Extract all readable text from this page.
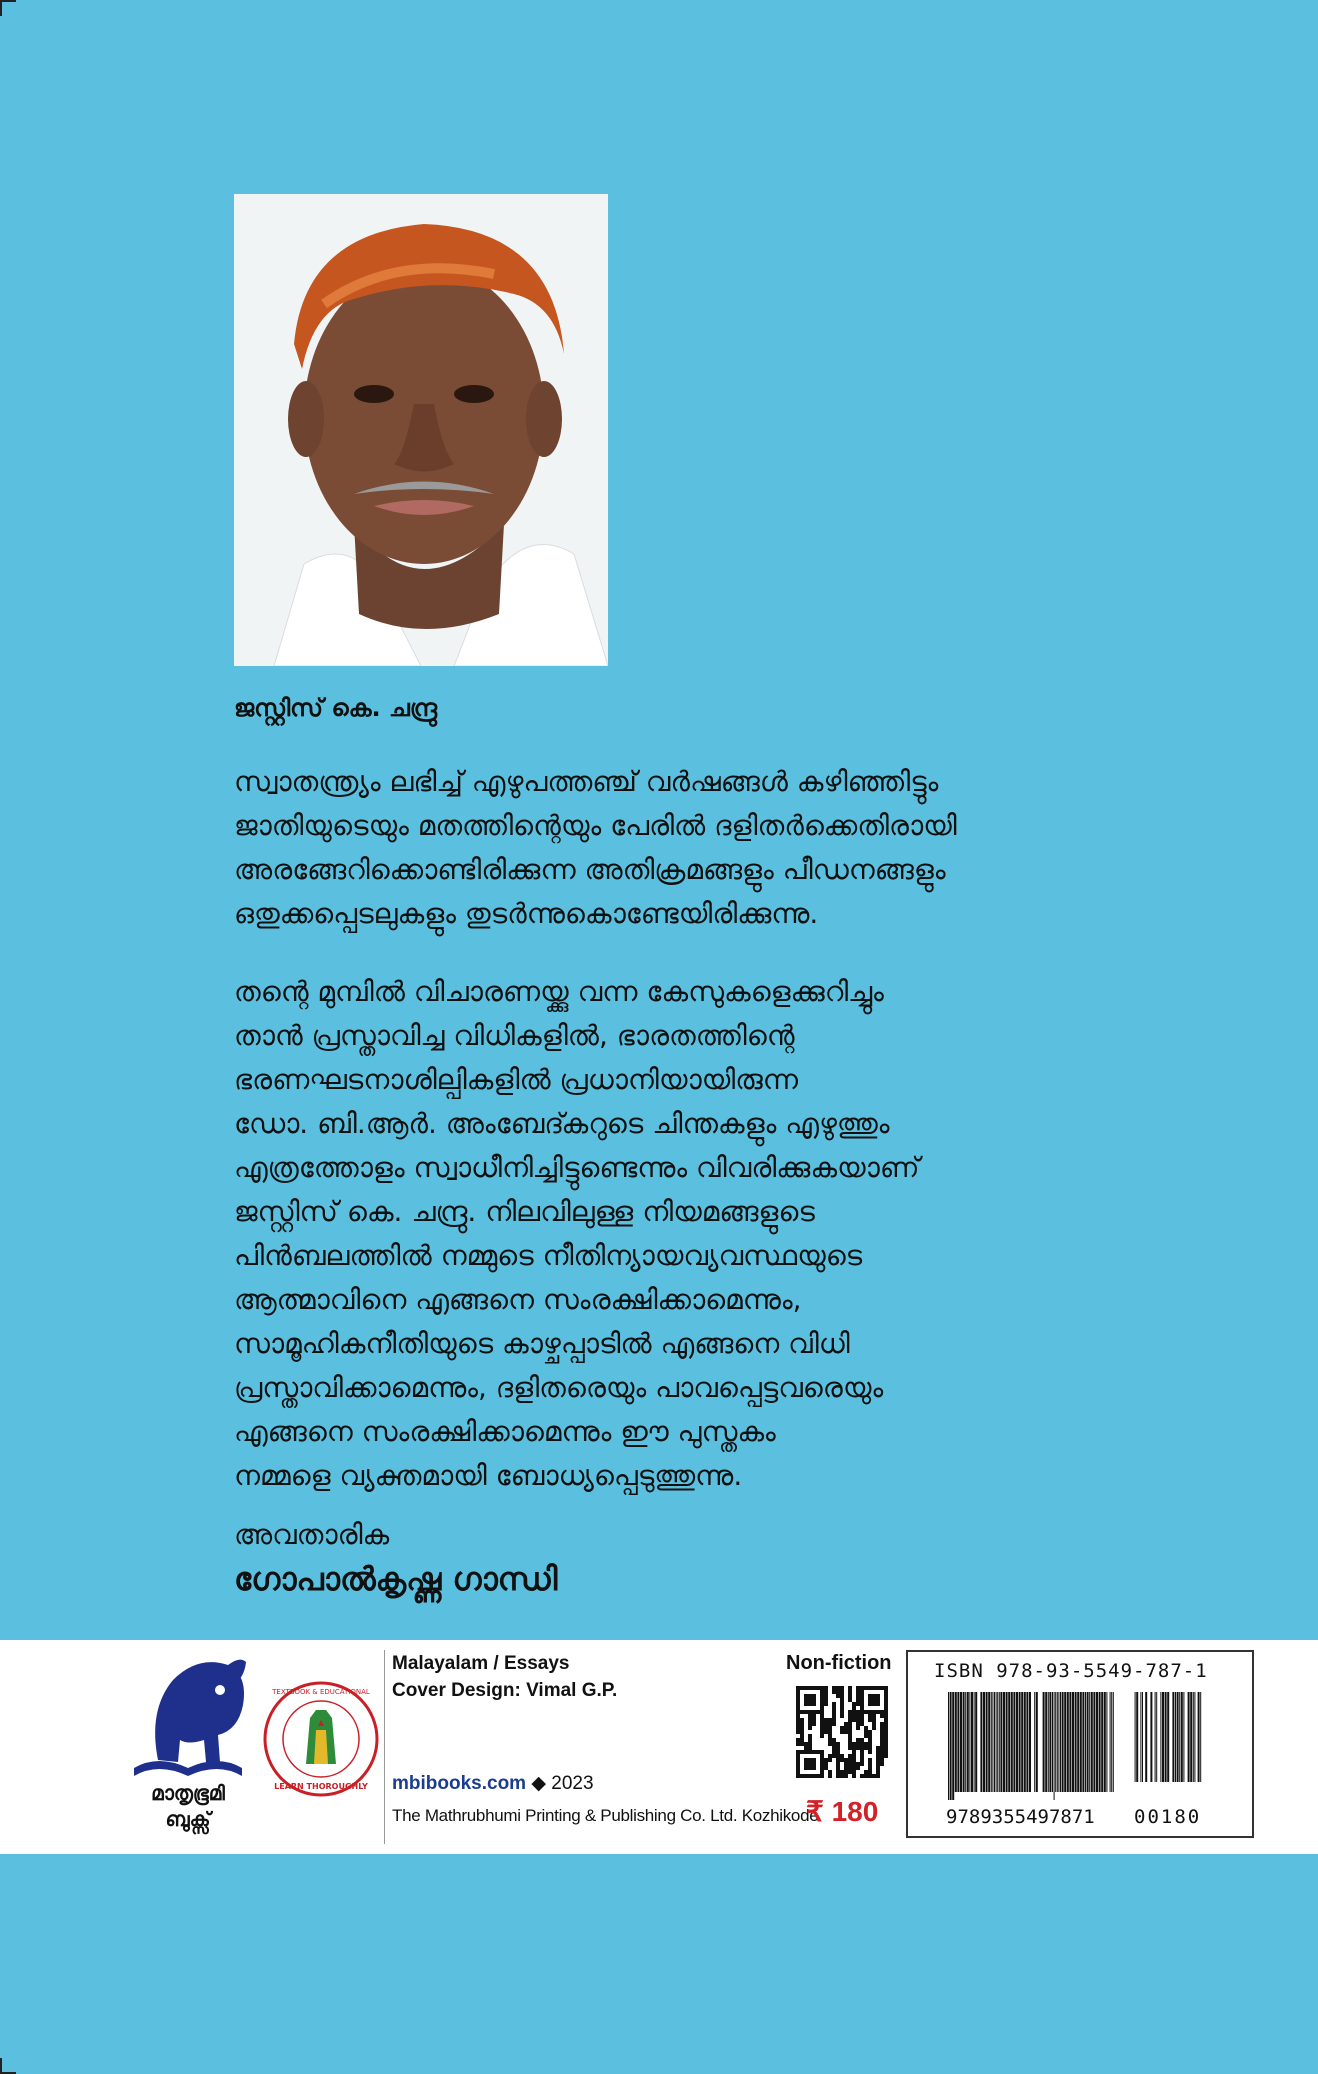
ജസ്റ്റിസ് കെ. ചന്ദ്രു

സ്വാതന്ത്ര്യം ലഭിച്ച് എഴുപത്തഞ്ച് വർഷങ്ങൾ കഴിഞ്ഞിട്ടും
ജാതിയുടെയും മതത്തിന്റെയും പേരിൽ ദളിതർക്കെതിരായി
അരങ്ങേറിക്കൊണ്ടിരിക്കുന്ന അതിക്രമങ്ങളും പീഡനങ്ങളും
ഒതുക്കപ്പെടലുകളും തുടർന്നുകൊണ്ടേയിരിക്കുന്നു.

തന്റെ മുമ്പിൽ വിചാരണയ്ക്കു വന്ന കേസുകളെക്കുറിച്ചും
താൻ പ്രസ്താവിച്ച വിധികളിൽ, ഭാരതത്തിന്റെ
ഭരണഘടനാശില്പികളിൽ പ്രധാനിയായിരുന്ന
ഡോ. ബി.ആർ. അംബേദ്കറുടെ ചിന്തകളും എഴുത്തും
എത്രത്തോളം സ്വാധീനിച്ചിട്ടുണ്ടെന്നും വിവരിക്കുകയാണ്
ജസ്റ്റിസ് കെ. ചന്ദ്രു. നിലവിലുള്ള നിയമങ്ങളുടെ
പിൻബലത്തിൽ നമ്മുടെ നീതിന്യായവ്യവസ്ഥയുടെ
ആത്മാവിനെ എങ്ങനെ സംരക്ഷിക്കാമെന്നും,
സാമൂഹികനീതിയുടെ കാഴ്ചപ്പാടിൽ എങ്ങനെ വിധി
പ്രസ്താവിക്കാമെന്നും, ദളിതരെയും പാവപ്പെട്ടവരെയും
എങ്ങനെ സംരക്ഷിക്കാമെന്നും ഈ പുസ്തകം
നമ്മളെ വ്യക്തമായി ബോധ്യപ്പെടുത്തുന്നു.

അവതാരിക
ഗോപാൽകൃഷ്ണ ഗാന്ധി
മാതൃഭൂമി
ബുക്സ്
TEXTBOOK & EDUCATIONAL
LEARN THOROUGHLY
Malayalam / Essays
Cover Design: Vimal G.P.
mbibooks.com ◆ 2023
The Mathrubhumi Printing & Publishing Co. Ltd. Kozhikode
Non-fiction
₹ 180
ISBN 978-93-5549-787-1
9789355497871 00180
